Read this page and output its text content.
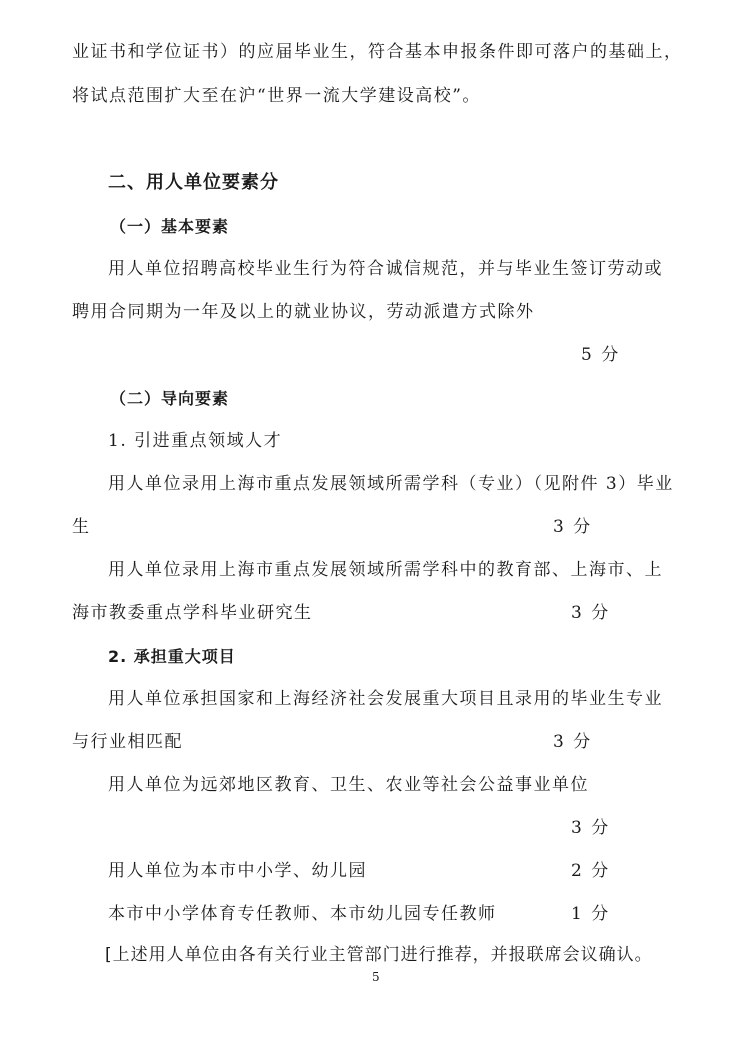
业证书和学位证书）的应届毕业生，符合基本申报条件即可落户的基础上，
将试点范围扩大至在沪“世界一流大学建设高校”。
二、用人单位要素分
（一）基本要素
用人单位招聘高校毕业生行为符合诚信规范，并与毕业生签订劳动或
聘用合同期为一年及以上的就业协议，劳动派遣方式除外
5 分
（二）导向要素
1. 引进重点领域人才
用人单位录用上海市重点发展领域所需学科（专业）（见附件 3）毕业
生	3 分
用人单位录用上海市重点发展领域所需学科中的教育部、上海市、上
海市教委重点学科毕业研究生	3 分
2. 承担重大项目
用人单位承担国家和上海经济社会发展重大项目且录用的毕业生专业
与行业相匹配	3 分
用人单位为远郊地区教育、卫生、农业等社会公益事业单位
3 分
用人单位为本市中小学、幼儿园	2 分
本市中小学体育专任教师、本市幼儿园专任教师	1 分
[上述用人单位由各有关行业主管部门进行推荐，并报联席会议确认。
5
